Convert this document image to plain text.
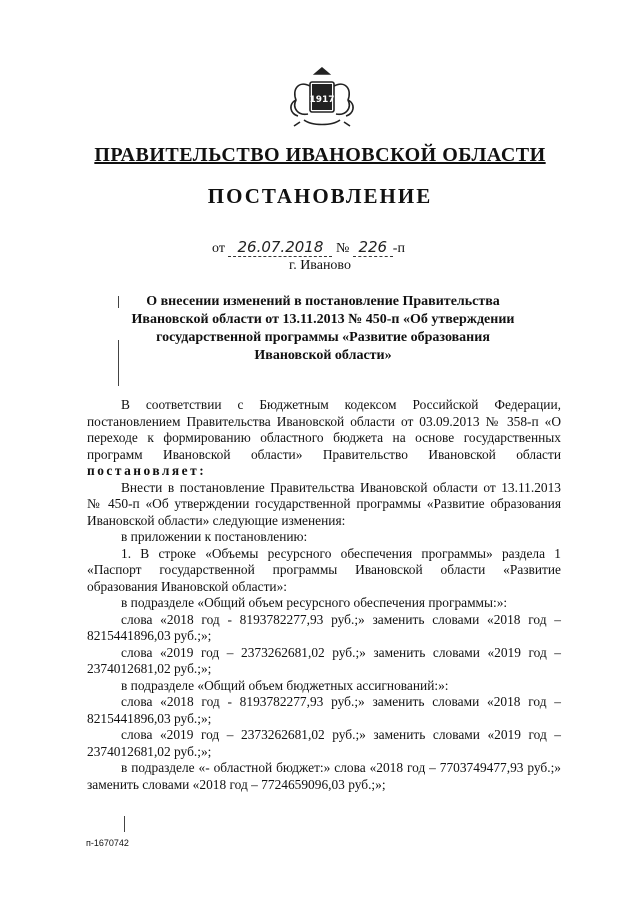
1917
ПРАВИТЕЛЬСТВО ИВАНОВСКОЙ ОБЛАСТИ
ПОСТАНОВЛЕНИЕ
от 26.07.2018 № 226 -п
г. Иваново
О внесении изменений в постановление Правительства
Ивановской области от 13.11.2013 № 450-п «Об утверждении
государственной программы «Развитие образования
Ивановской области»

В соответствии с Бюджетным кодексом Российской Федерации, постановлением Правительства Ивановской области от 03.09.2013 № 358-п «О переходе к формированию областного бюджета на основе государственных программ Ивановской области» Правительство Ивановской области постановляет:

Внести в постановление Правительства Ивановской области от 13.11.2013 № 450-п «Об утверждении государственной программы «Развитие образования Ивановской области» следующие изменения:

в приложении к постановлению:

1. В строке «Объемы ресурсного обеспечения программы» раздела 1 «Паспорт государственной программы Ивановской области «Развитие образования Ивановской области»:

в подразделе «Общий объем ресурсного обеспечения программы:»:

слова «2018 год - 8193782277,93 руб.;» заменить словами «2018 год – 8215441896,03 руб.;»;

слова «2019 год – 2373262681,02 руб.;» заменить словами «2019 год – 2374012681,02 руб.;»;

в подразделе «Общий объем бюджетных ассигнований:»:

слова «2018 год - 8193782277,93 руб.;» заменить словами «2018 год – 8215441896,03 руб.;»;

слова «2019 год – 2373262681,02 руб.;» заменить словами «2019 год – 2374012681,02 руб.;»;

в подразделе «- областной бюджет:» слова «2018 год – 7703749477,93 руб.;» заменить словами «2018 год – 7724659096,03 руб.;»;

п-1670742
